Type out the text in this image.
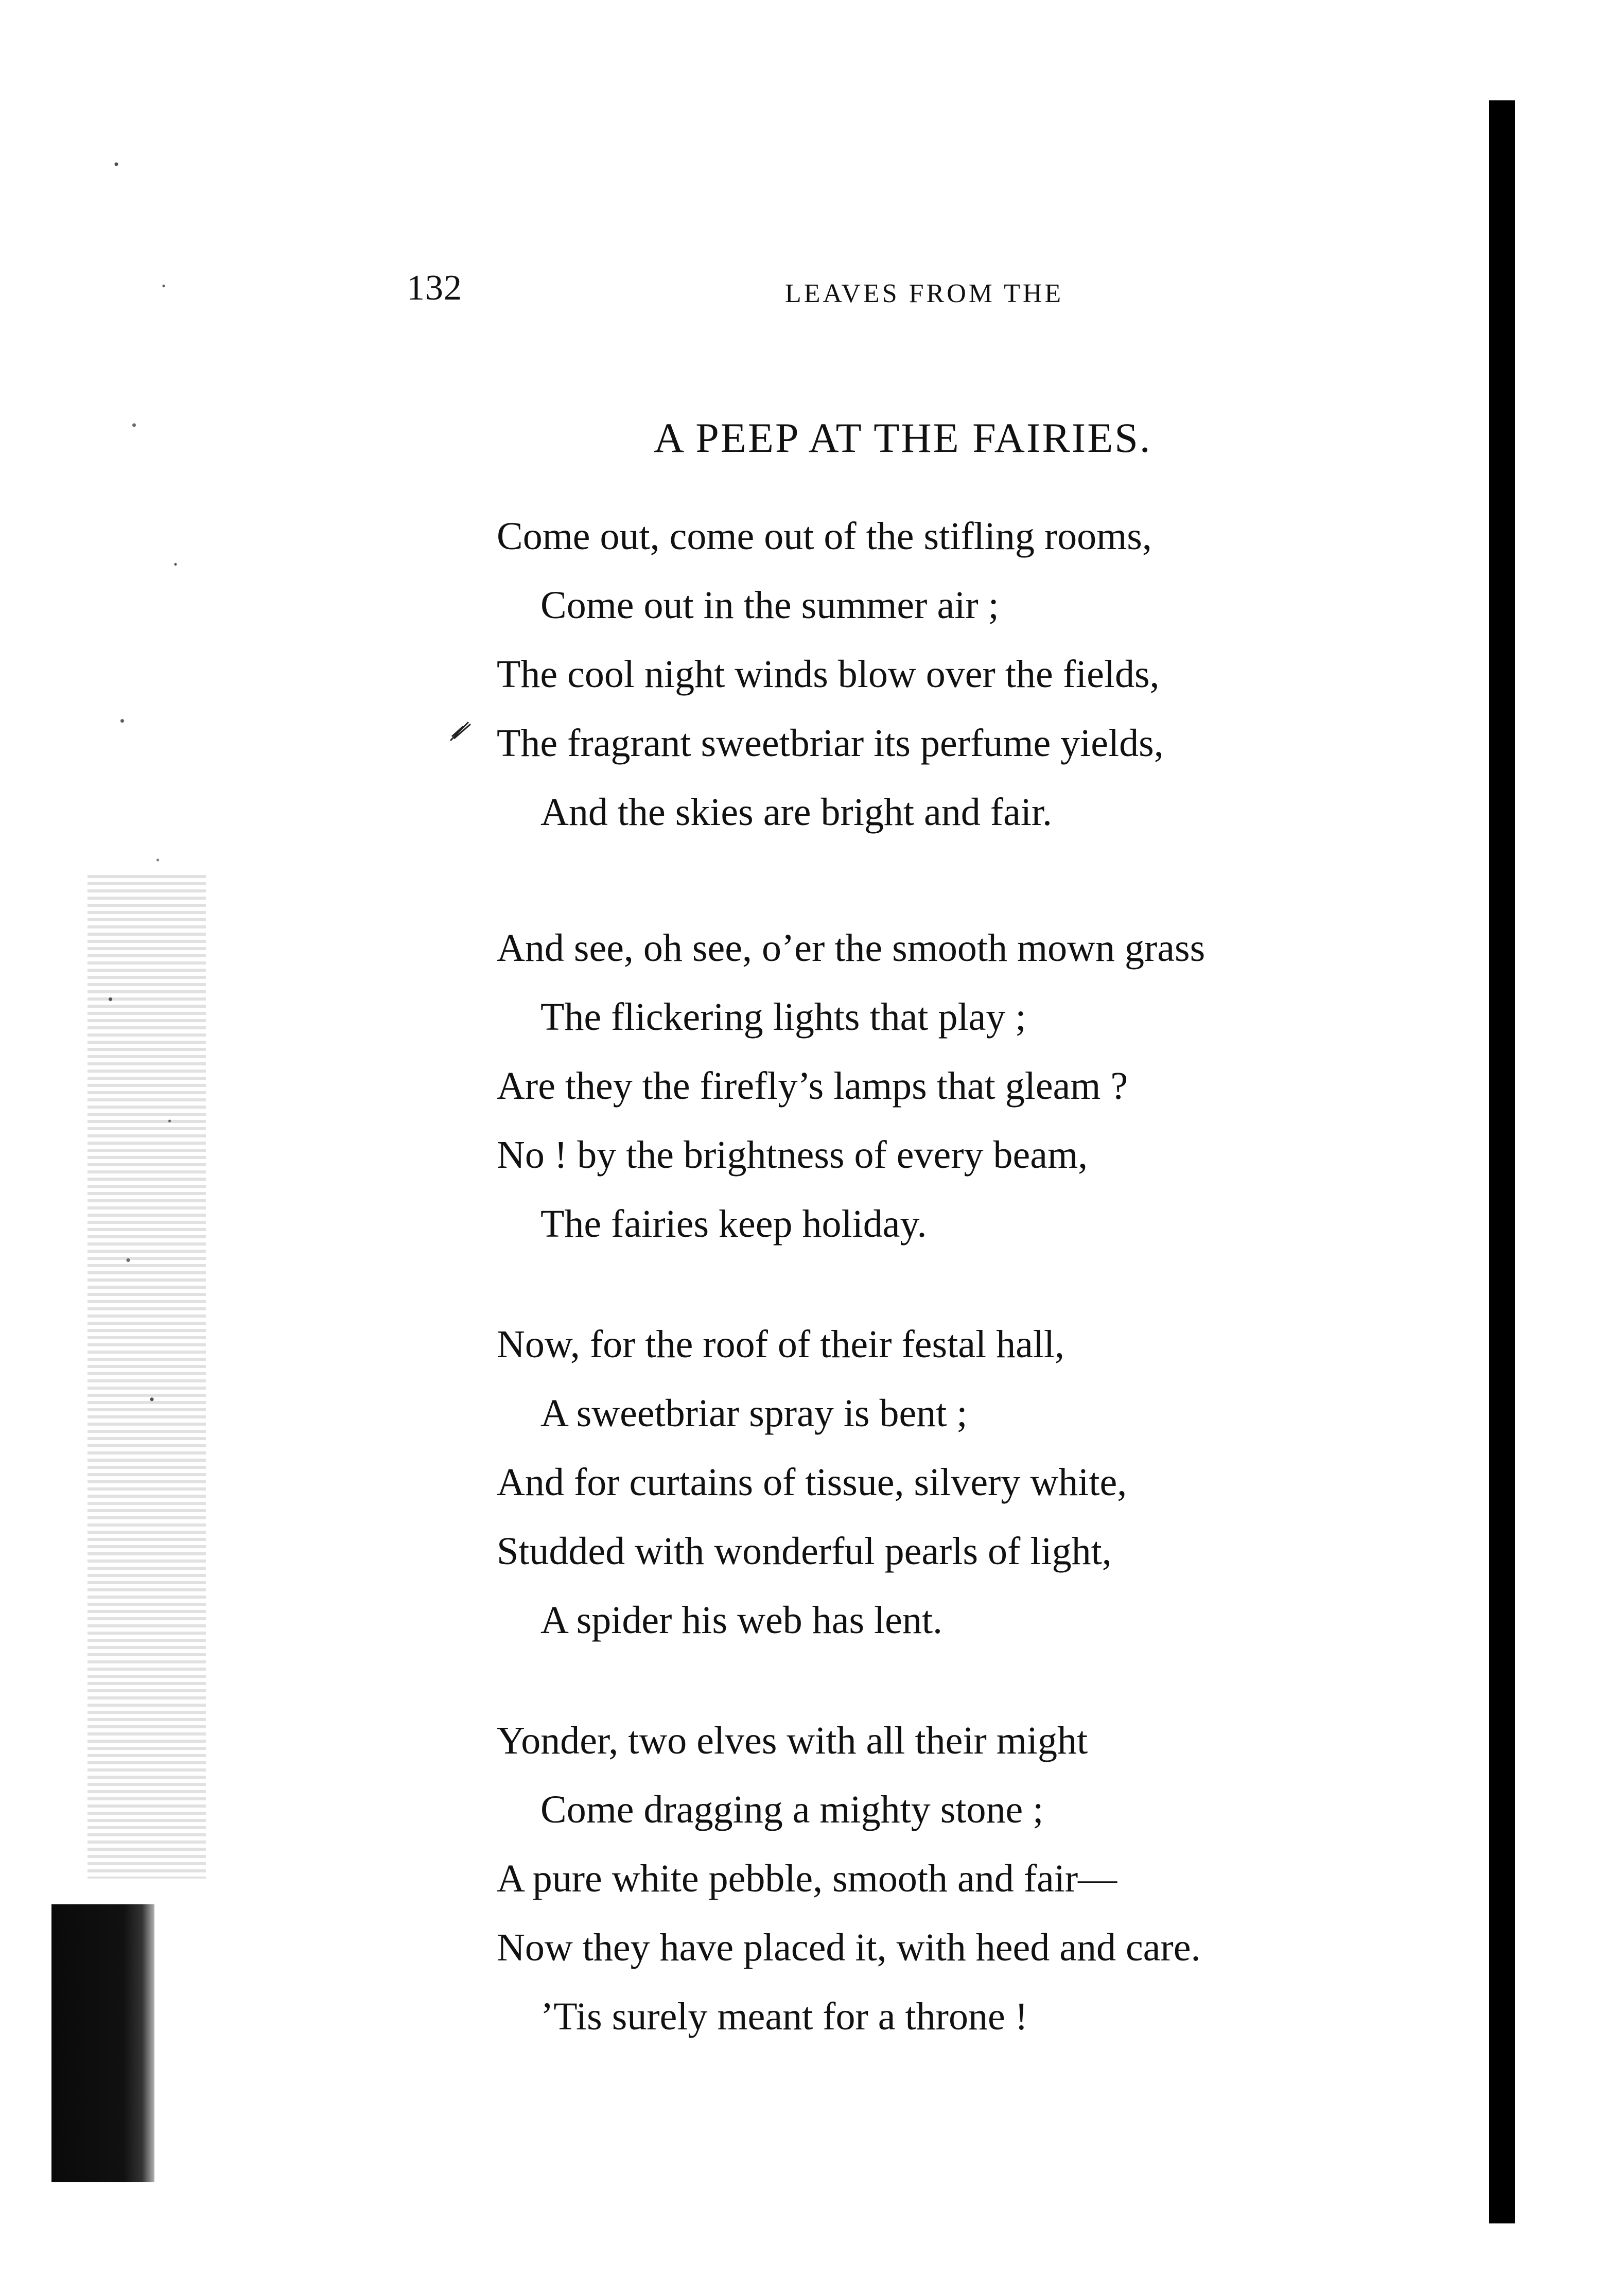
132	LEAVES FROM THE
A PEEP AT THE FAIRIES.
Come out, come out of the stifling rooms,
Come out in the summer air ;
The cool night winds blow over the fields,
The fragrant sweetbriar its perfume yields,
And the skies are bright and fair.
And see, oh see, o’er the smooth mown grass
The flickering lights that play ;
Are they the firefly’s lamps that gleam ?
No ! by the brightness of every beam,
The fairies keep holiday.
Now, for the roof of their festal hall,
A sweetbriar spray is bent ;
And for curtains of tissue, silvery white,
Studded with wonderful pearls of light,
A spider his web has lent.
Yonder, two elves with all their might
Come dragging a mighty stone ;
A pure white pebble, smooth and fair—
Now they have placed it, with heed and care.
’Tis surely meant for a throne !
